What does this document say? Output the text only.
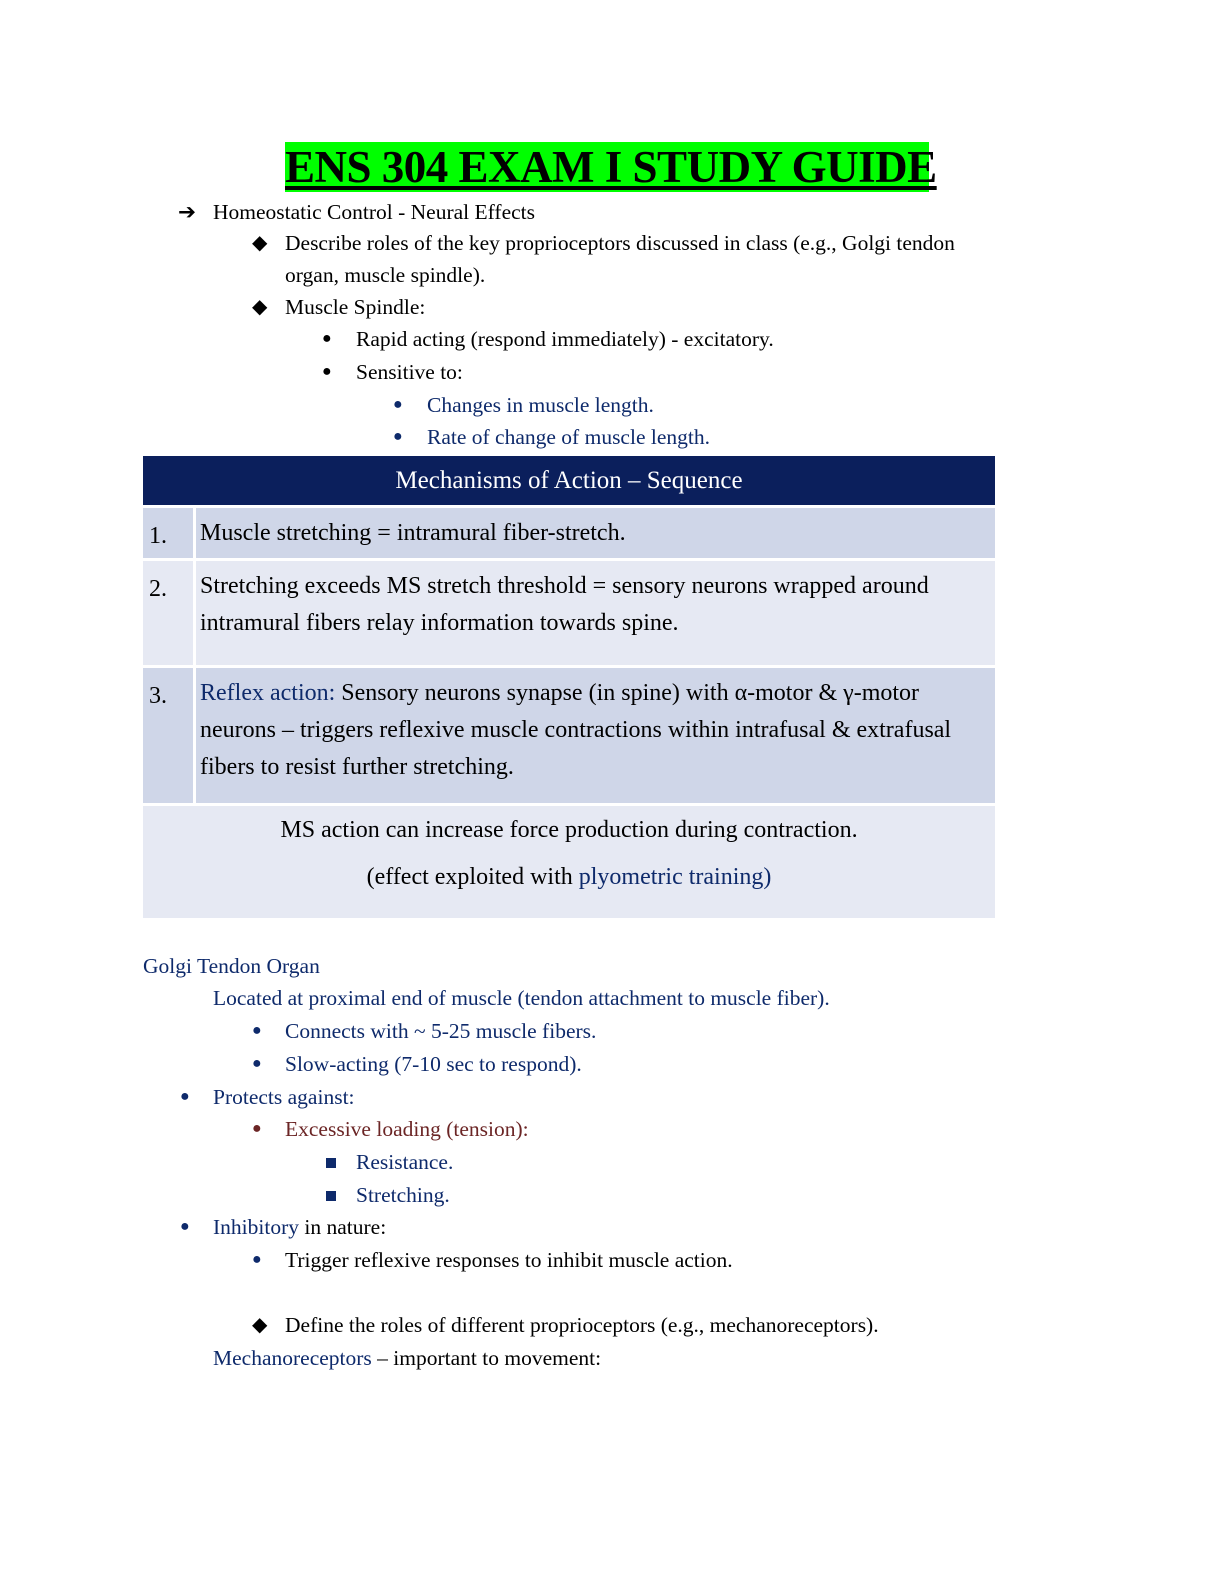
ENS 304 EXAM I STUDY GUIDE
➔ Homeostatic Control - Neural Effects
◆ Describe roles of the key proprioceptors discussed in class (e.g., Golgi tendon
organ, muscle spindle).
◆ Muscle Spindle:
● Rapid acting (respond immediately) - excitatory.
● Sensitive to:
● Changes in muscle length.
● Rate of change of muscle length.
Mechanisms of Action – Sequence
1. Muscle stretching = intramural fiber-stretch.
2. Stretching exceeds MS stretch threshold = sensory neurons wrapped around intramural fibers relay information towards spine.
3. Reflex action: Sensory neurons synapse (in spine) with α-motor & γ-motor neurons – triggers reflexive muscle contractions within intrafusal & extrafusal fibers to resist further stretching.
MS action can increase force production during contraction.
(effect exploited with plyometric training)
Golgi Tendon Organ
Located at proximal end of muscle (tendon attachment to muscle fiber).
● Connects with ~ 5-25 muscle fibers.
● Slow-acting (7-10 sec to respond).
● Protects against:
● Excessive loading (tension):
Resistance.
Stretching.
● Inhibitory in nature:
● Trigger reflexive responses to inhibit muscle action.
◆ Define the roles of different proprioceptors (e.g., mechanoreceptors).
Mechanoreceptors – important to movement:
